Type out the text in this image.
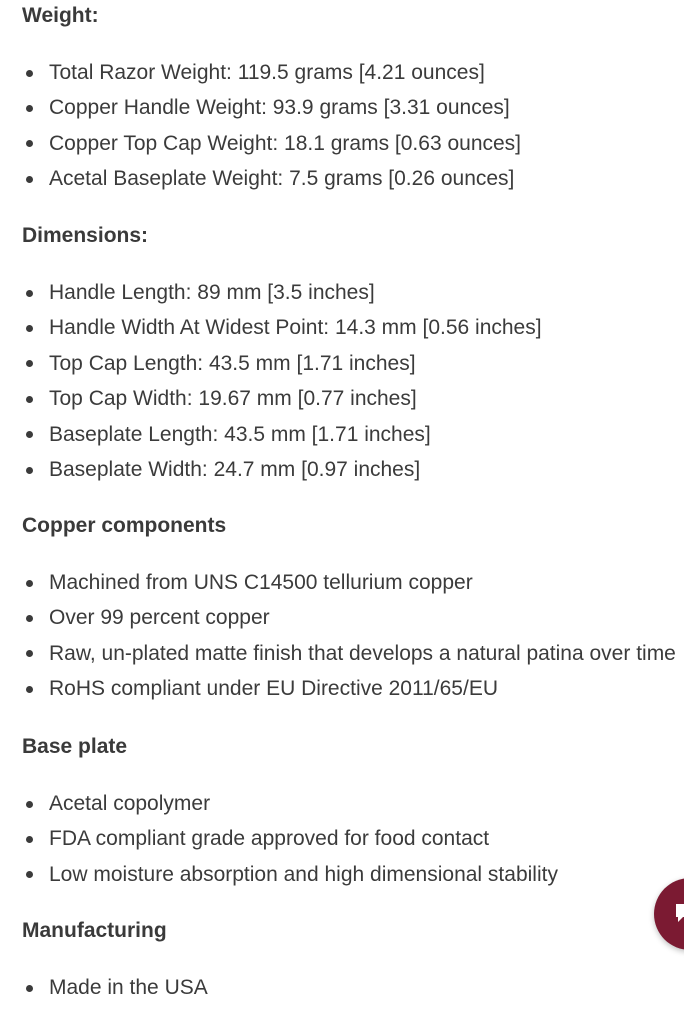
Weight:
Total Razor Weight: 119.5 grams [4.21 ounces]
Copper Handle Weight: 93.9 grams [3.31 ounces]
Copper Top Cap Weight: 18.1 grams [0.63 ounces]
Acetal Baseplate Weight: 7.5 grams [0.26 ounces]
Dimensions:
Handle Length: 89 mm [3.5 inches]
Handle Width At Widest Point: 14.3 mm [0.56 inches]
Top Cap Length: 43.5 mm [1.71 inches]
Top Cap Width: 19.67 mm [0.77 inches]
Baseplate Length: 43.5 mm [1.71 inches]
Baseplate Width: 24.7 mm [0.97 inches]
Copper components
Machined from UNS C14500 tellurium copper
Over 99 percent copper
Raw, un-plated matte finish that develops a natural patina over time
RoHS compliant under EU Directive 2011/65/EU
Base plate
Acetal copolymer
FDA compliant grade approved for food contact
Low moisture absorption and high dimensional stability
Manufacturing
Made in the USA
